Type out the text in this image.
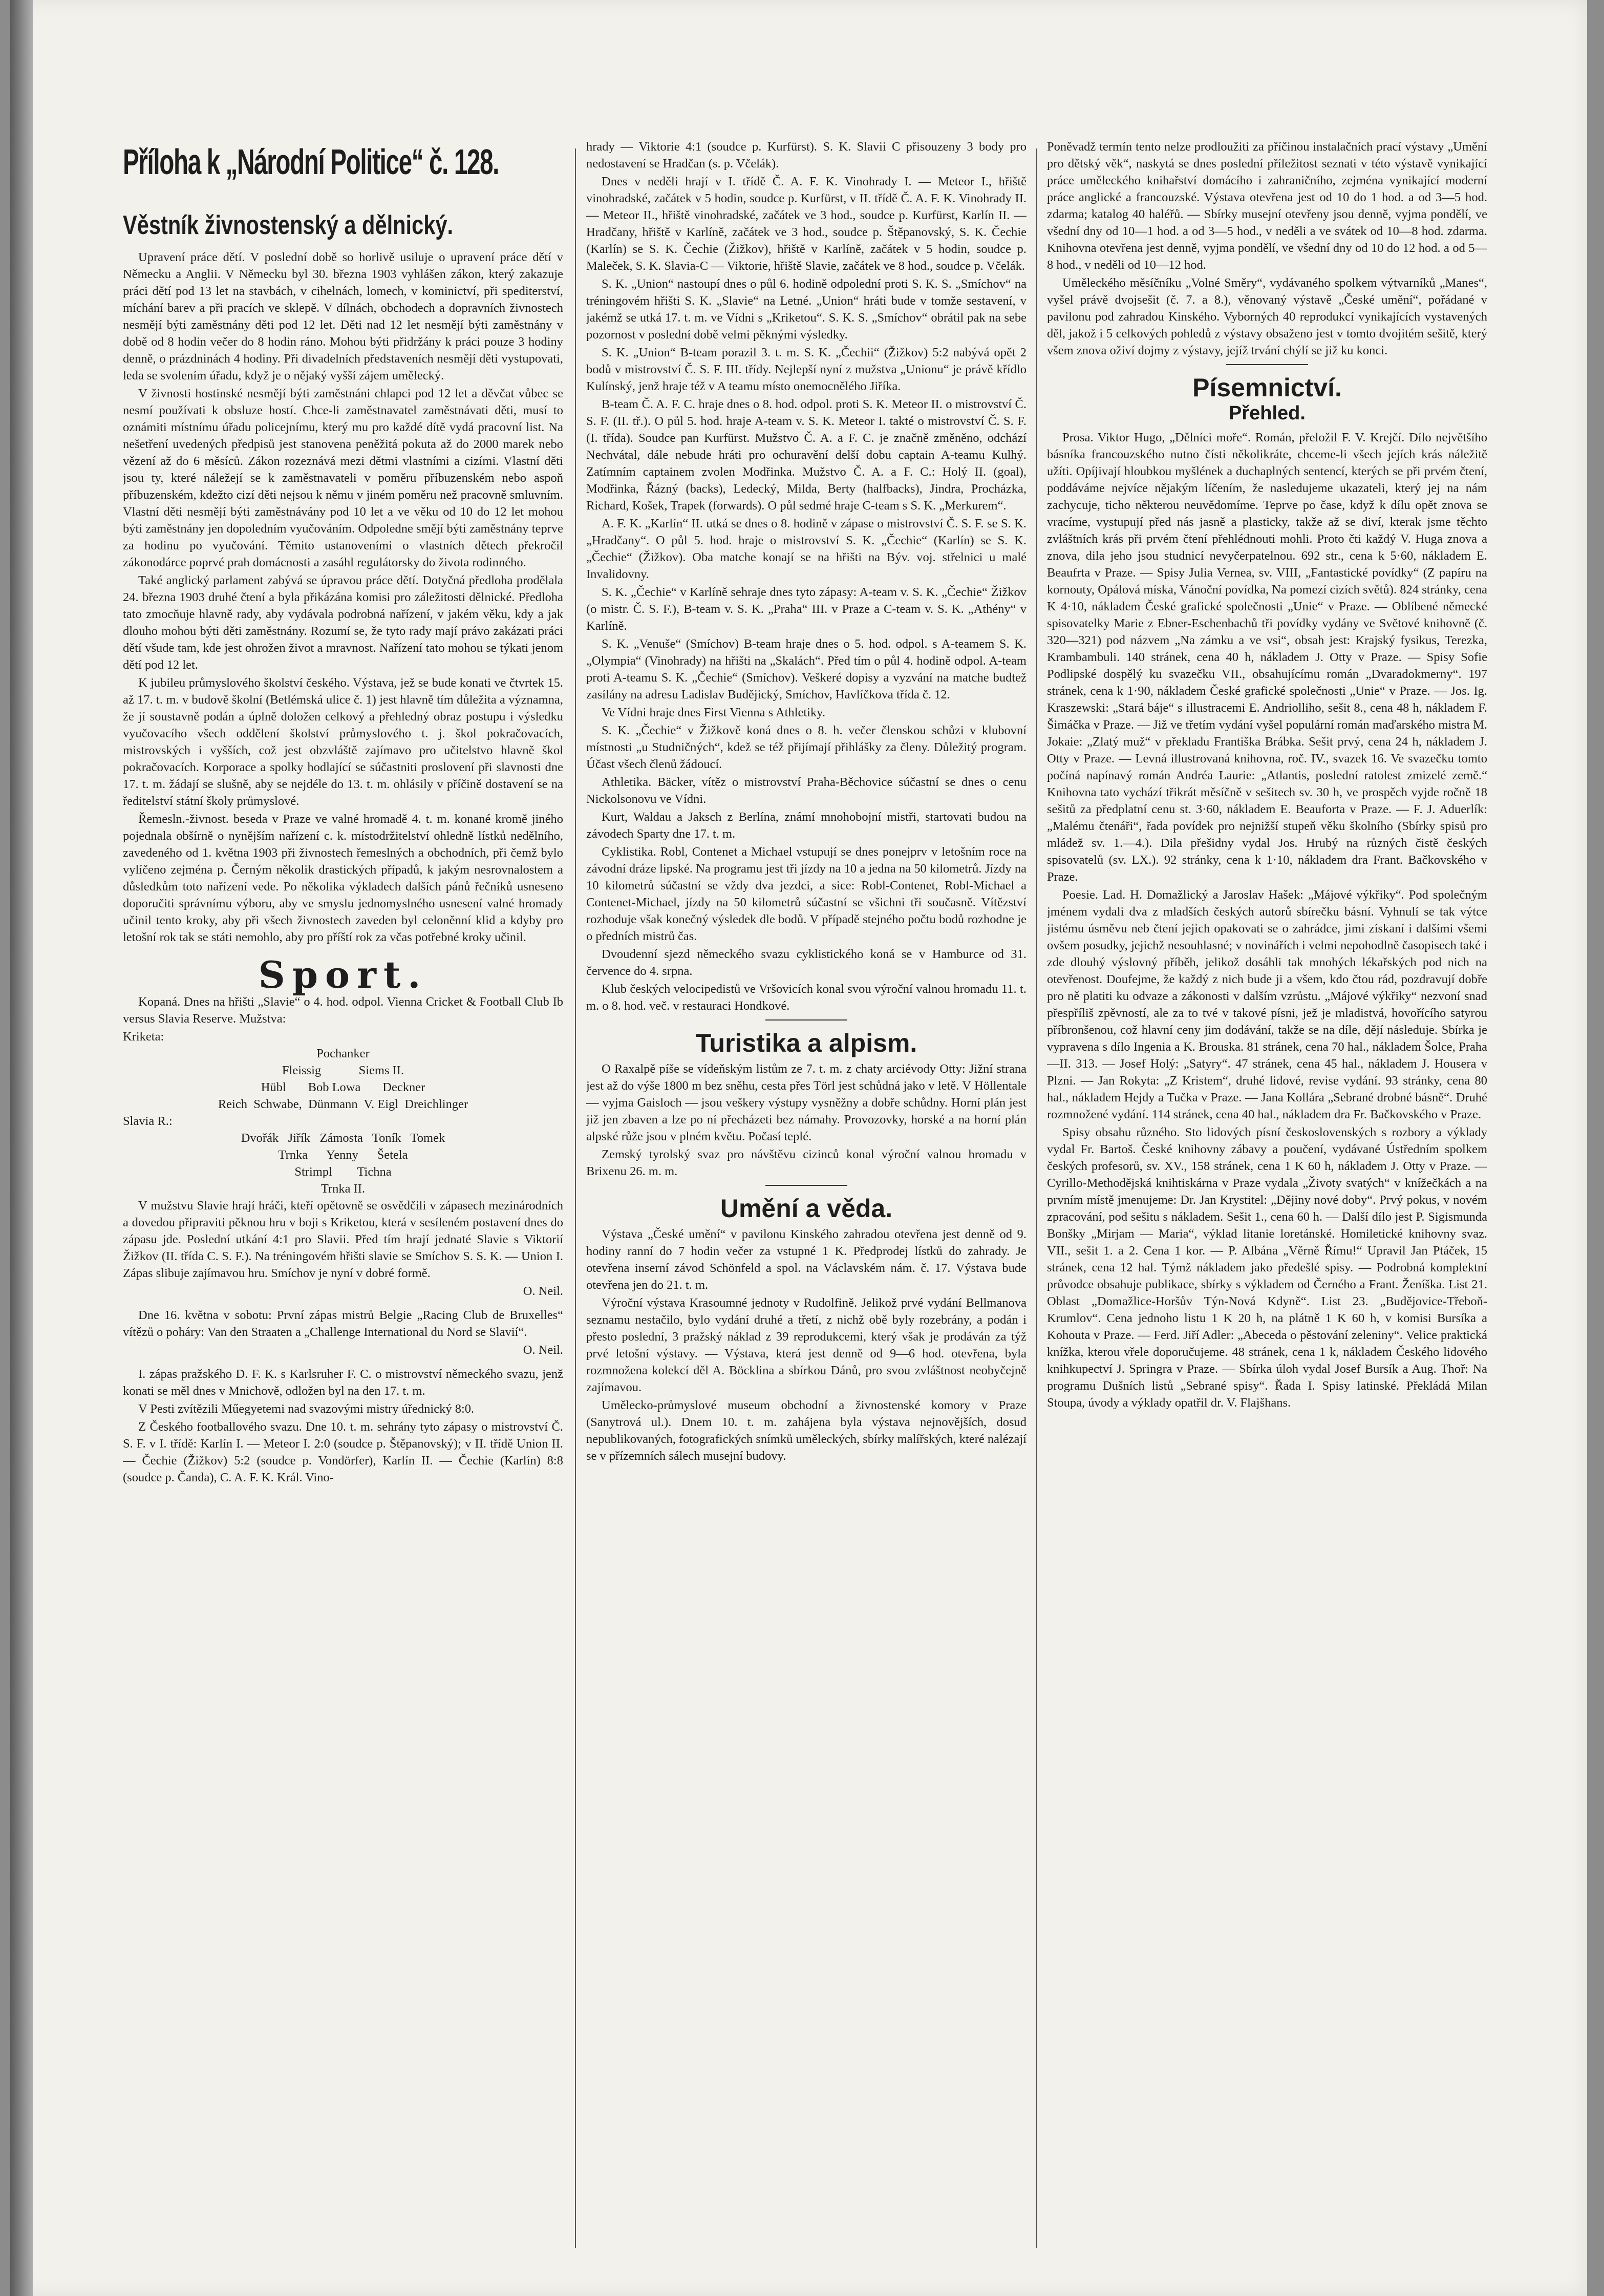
Příloha k „Národní Politice“ č. 128.
Věstník živnostenský a dělnický.

Upravení práce dětí. V poslední době so horlivě usiluje o upravení práce dětí v Německu a Anglii. V Německu byl 30. března 1903 vyhlášen zákon, který zakazuje práci dětí pod 13 let na stavbách, v cihelnách, lomech, v kominictví, při spediterství, míchání barev a při pracích ve sklepě. V dílnách, obchodech a dopravních živnostech nesmějí býti zaměstnány děti pod 12 let. Děti nad 12 let nesmějí býti zaměstnány v době od 8 hodin večer do 8 hodin ráno. Mohou býti přidržány k práci pouze 3 hodiny denně, o prázdninách 4 hodiny. Při divadelních představeních nesmějí děti vystupovati, leda se svolením úřadu, když je o nějaký vyšší zájem umělecký.

V živnosti hostinské nesmějí býti zaměstnáni chlapci pod 12 let a děvčat vůbec se nesmí používati k obsluze hostí. Chce-li zaměstnavatel zaměstnávati děti, musí to oznámiti místnímu úřadu policejnímu, který mu pro každé dítě vydá pracovní list. Na nešetření uvedených předpisů jest stanovena peněžitá pokuta až do 2000 marek nebo vězení až do 6 měsíců. Zákon rozeznává mezi dětmi vlastními a cizími. Vlastní děti jsou ty, které náležejí se k zaměstnavateli v poměru příbuzenském nebo aspoň příbuzenském, kdežto cizí děti nejsou k němu v jiném poměru než pracovně smluvním. Vlastní děti nesmějí býti zaměstnávány pod 10 let a ve věku od 10 do 12 let mohou býti zaměstnány jen dopoledním vyučováním. Odpoledne smějí býti zaměstnány teprve za hodinu po vyučování. Těmito ustanoveními o vlastních dětech překročil zákonodárce poprvé prah domácnosti a zasáhl regulátorsky do života rodinného.

Také anglický parlament zabývá se úpravou práce dětí. Dotyčná předloha prodělala 24. března 1903 druhé čtení a byla přikázána komisi pro záležitosti dělnické. Předloha tato zmocňuje hlavně rady, aby vydávala podrobná nařízení, v jakém věku, kdy a jak dlouho mohou býti děti zaměstnány. Rozumí se, že tyto rady mají právo zakázati práci dětí všude tam, kde jest ohrožen život a mravnost. Nařízení tato mohou se týkati jenom dětí pod 12 let.

K jubileu průmyslového školství českého. Výstava, jež se bude konati ve čtvrtek 15. až 17. t. m. v budově školní (Betlémská ulice č. 1) jest hlavně tím důležita a významna, že jí soustavně podán a úplně doložen celkový a přehledný obraz postupu i výsledku vyučovacího všech oddělení školství průmyslového t. j. škol pokračovacích, mistrovských i vyšších, což jest obzvláště zajímavo pro učitelstvo hlavně škol pokračovacích. Korporace a spolky hodlající se súčastniti proslovení při slavnosti dne 17. t. m. žádají se slušně, aby se nejdéle do 13. t. m. ohlásily v příčině dostavení se na ředitelství státní školy průmyslové.

Řemesln.-živnost. beseda v Praze ve valné hromadě 4. t. m. konané kromě jiného pojednala obšírně o nynějším nařízení c. k. místodržitelství ohledně lístků nedělního, zavedeného od 1. května 1903 při živnostech řemeslných a obchodních, při čemž bylo vylíčeno zejména p. Černým několik drastických případů, k jakým nesrovnalostem a důsledkům toto nařízení vede. Po několika výkladech dalších pánů řečníků usneseno doporučiti správnímu výboru, aby ve smyslu jednomyslného usnesení valné hromady učinil tento kroky, aby při všech živnostech zaveden byl celoněnní klid a kdyby pro letošní rok tak se státi nemohlo, aby pro příští rok za včas potřebné kroky učinil.

Sport.

Kopaná. Dnes na hřišti „Slavie“ o 4. hod. odpol. Vienna Cricket & Football Club Ib versus Slavia Reserve. Mužstva:

Kriketa:

Pochanker
Fleissig            Siems II.
Hübl       Bob Lowa       Deckner
Reich  Schwabe,  Dünmann  V. Eigl  Dreichlinger

Slavia R.:

Dvořák   Jiřík   Zámosta   Toník   Tomek
Trnka      Yenny      Šetela
Strimpl        Tichna
Trnka II.

V mužstvu Slavie hrají hráči, kteří opětovně se osvědčili v zápasech mezinárodních a dovedou připraviti pěknou hru v boji s Kriketou, která v sesíleném postavení dnes do zápasu jde. Poslední utkání 4:1 pro Slavii. Před tím hrají jednaté Slavie s Viktorií Žižkov (II. třída C. S. F.). Na tréningovém hřišti slavie se Smíchov S. S. K. — Union I. Zápas slibuje zajímavou hru. Smíchov je nyní v dobré formě.

O. Neil.

Dne 16. května v sobotu: První zápas mistrů Belgie „Racing Club de Bruxelles“ vítězů o poháry: Van den Straaten a „Challenge International du Nord se Slavií“.

O. Neil.

I. zápas pražského D. F. K. s Karlsruher F. C. o mistrovství německého svazu, jenž konati se měl dnes v Mnichově, odložen byl na den 17. t. m.

V Pesti zvítězili Műegyetemi nad svazovými mistry úřednický 8:0.

Z Českého footballového svazu. Dne 10. t. m. sehrány tyto zápasy o mistrovství Č. S. F. v I. třídě: Karlín I. — Meteor I. 2:0 (soudce p. Štěpanovský); v II. třídě Union II. — Čechie (Žižkov) 5:2 (soudce p. Vondörfer), Karlín II. — Čechie (Karlín) 8:8 (soudce p. Čanda), C. A. F. K. Král. Vino-

hrady — Viktorie 4:1 (soudce p. Kurfürst). S. K. Slavii C přisouzeny 3 body pro nedostavení se Hradčan (s. p. Včelák).

Dnes v neděli hrají v I. třídě Č. A. F. K. Vinohrady I. — Meteor I., hřiště vinohradské, začátek v 5 hodin, soudce p. Kurfürst, v II. třídě Č. A. F. K. Vinohrady II. — Meteor II., hřiště vinohradské, začátek ve 3 hod., soudce p. Kurfürst, Karlín II. — Hradčany, hřiště v Karlíně, začátek ve 3 hod., soudce p. Štěpanovský, S. K. Čechie (Karlín) se S. K. Čechie (Žižkov), hřiště v Karlíně, začátek v 5 hodin, soudce p. Maleček, S. K. Slavia-C — Viktorie, hřiště Slavie, začátek ve 8 hod., soudce p. Včelák.

S. K. „Union“ nastoupí dnes o půl 6. hodině odpolední proti S. K. S. „Smíchov“ na tréningovém hřišti S. K. „Slavie“ na Letné. „Union“ hráti bude v tomže sestavení, v jakémž se utká 17. t. m. ve Vídni s „Kriketou“. S. K. S. „Smíchov“ obrátil pak na sebe pozornost v poslední době velmi pěknými výsledky.

S. K. „Union“ B-team porazil 3. t. m. S. K. „Čechii“ (Žižkov) 5:2 nabývá opět 2 bodů v mistrovství Č. S. F. III. třídy. Nejlepší nyní z mužstva „Unionu“ je právě křídlo Kulínský, jenž hraje též v A teamu místo onemocnělého Jiříka.

B-team Č. A. F. C. hraje dnes o 8. hod. odpol. proti S. K. Meteor II. o mistrovství Č. S. F. (II. tř.). O půl 5. hod. hraje A-team v. S. K. Meteor I. takté o mistrovství Č. S. F. (I. třída). Soudce pan Kurfürst. Mužstvo Č. A. a F. C. je značně změněno, odchází Nechvátal, dále nebude hráti pro ochuravění delší dobu captain A-teamu Kulhý. Zatímním captainem zvolen Modřinka. Mužstvo Č. A. a F. C.: Holý II. (goal), Modřinka, Řázný (backs), Ledecký, Milda, Berty (halfbacks), Jindra, Procházka, Richard, Košek, Trapek (forwards). O půl sedmé hraje C-team s S. K. „Merkurem“.

A. F. K. „Karlín“ II. utká se dnes o 8. hodině v zápase o mistrovství Č. S. F. se S. K. „Hradčany“. O půl 5. hod. hraje o mistrovství S. K. „Čechie“ (Karlín) se S. K. „Čechie“ (Žižkov). Oba matche konají se na hřišti na Býv. voj. střelnici u malé Invalidovny.

S. K. „Čechie“ v Karlíně sehraje dnes tyto zápasy: A-team v. S. K. „Čechie“ Žižkov (o mistr. Č. S. F.), B-team v. S. K. „Praha“ III. v Praze a C-team v. S. K. „Athény“ v Karlíně.

S. K. „Venuše“ (Smíchov) B-team hraje dnes o 5. hod. odpol. s A-teamem S. K. „Olympia“ (Vinohrady) na hřišti na „Skalách“. Před tím o půl 4. hodině odpol. A-team proti A-teamu S. K. „Čechie“ (Smíchov). Veškeré dopisy a vyzvání na matche budtež zasílány na adresu Ladislav Budějický, Smíchov, Havlíčkova třída č. 12.

Ve Vídni hraje dnes First Vienna s Athletiky.

S. K. „Čechie“ v Žižkově koná dnes o 8. h. večer členskou schůzi v klubovní místnosti „u Studničných“, kdež se též přijímají přihlášky za členy. Důležitý program. Účast všech členů žádoucí.

Athletika. Bäcker, vítěz o mistrovství Praha-Běchovice súčastní se dnes o cenu Nickolsonovu ve Vídni.

Kurt, Waldau a Jaksch z Berlína, známí mnohobojní mistři, startovati budou na závodech Sparty dne 17. t. m.

Cyklistika. Robl, Contenet a Michael vstupují se dnes ponejprv v letošním roce na závodní dráze lipské. Na programu jest tři jízdy na 10 a jedna na 50 kilometrů. Jízdy na 10 kilometrů súčastní se vždy dva jezdci, a sice: Robl-Contenet, Robl-Michael a Contenet-Michael, jízdy na 50 kilometrů súčastní se všichni tři současně. Vítězství rozhoduje však konečný výsledek dle bodů. V případě stejného počtu bodů rozhodne je o předních mistrů čas.

Dvoudenní sjezd německého svazu cyklistického koná se v Hamburce od 31. července do 4. srpna.

Klub českých velocipedistů ve Vršovicích konal svou výroční valnou hromadu 11. t. m. o 8. hod. več. v restauraci Hondkové.

Turistika a alpism.

O Raxalpě píše se vídeňským listům ze 7. t. m. z chaty arciévody Otty: Jižní strana jest až do výše 1800 m bez sněhu, cesta přes Törl jest schůdná jako v letě. V Höllentale — vyjma Gaisloch — jsou veškery výstupy vysněžny a dobře schůdny. Horní plán jest již jen zbaven a lze po ní přecházeti bez námahy. Provozovky, horské a na horní plán alpské růže jsou v plném květu. Počasí teplé.

Zemský tyrolský svaz pro návštěvu cizinců konal výroční valnou hromadu v Brixenu 26. m. m.

Umění a věda.

Výstava „České umění“ v pavilonu Kinského zahradou otevřena jest denně od 9. hodiny ranní do 7 hodin večer za vstupné 1 K. Předprodej lístků do zahrady. Je otevřena inserní závod Schönfeld a spol. na Václavském nám. č. 17. Výstava bude otevřena jen do 21. t. m.

Výroční výstava Krasoumné jednoty v Rudolfině. Jelikož prvé vydání Bellmanova seznamu nestačilo, bylo vydání druhé a třetí, z nichž obě byly rozebrány, a podán i přesto poslední, 3 pražský náklad z 39 reprodukcemi, který však je prodáván za týž prvé letošní výstavy. — Výstava, která jest denně od 9—6 hod. otevřena, byla rozmnožena kolekcí děl A. Böcklina a sbírkou Dánů, pro svou zvláštnost neobyčejně zajímavou.

Umělecko-průmyslové museum obchodní a živnostenské komory v Praze (Sanytrová ul.). Dnem 10. t. m. zahájena byla výstava nejnovějších, dosud nepublikovaných, fotografických snímků uměleckých, sbírky malířských, které nalézají se v přízemních sálech musejní budovy.

Poněvadž termín tento nelze prodloužiti za příčinou instalačních prací výstavy „Umění pro dětský věk“, naskytá se dnes poslední příležitost seznati v této výstavě vynikající práce uměleckého knihařství domácího i zahraničního, zejména vynikající moderní práce anglické a francouzské. Výstava otevřena jest od 10 do 1 hod. a od 3—5 hod. zdarma; katalog 40 haléřů. — Sbírky musejní otevřeny jsou denně, vyjma pondělí, ve všední dny od 10—1 hod. a od 3—5 hod., v neděli a ve svátek od 10—8 hod. zdarma. Knihovna otevřena jest denně, vyjma pondělí, ve všední dny od 10 do 12 hod. a od 5—8 hod., v neděli od 10—12 hod.

Uměleckého měsíčníku „Volné Směry“, vydávaného spolkem výtvarníků „Manes“, vyšel právě dvojsešit (č. 7. a 8.), věnovaný výstavě „České umění“, pořádané v pavilonu pod zahradou Kinského. Vyborných 40 reprodukcí vynikajících vystavených děl, jakož i 5 celkových pohledů z výstavy obsaženo jest v tomto dvojitém sešitě, který všem znova oživí dojmy z výstavy, jejíž trvání chýlí se již ku konci.

Písemnictví.
Přehled.

Prosa. Viktor Hugo, „Dělníci moře“. Román, přeložil F. V. Krejčí. Dílo největšího básníka francouzského nutno čísti několikráte, chceme-li všech jejích krás náležitě užíti. Opíjivají hloubkou myšlének a duchaplných sentencí, kterých se při prvém čtení, poddáváme nejvíce nějakým líčením, že nasledujeme ukazateli, který jej na nám zachycuje, ticho některou neuvědomíme. Teprve po čase, když k dílu opět znova se vracíme, vystupují před nás jasně a plasticky, takže až se diví, kterak jsme těchto zvláštních krás při prvém čtení přehlédnouti mohli. Proto čti každý V. Huga znova a znova, dila jeho jsou studnicí nevyčerpatelnou. 692 str., cena k 5·60, nákladem E. Beaufrta v Praze. — Spisy Julia Vernea, sv. VIII, „Fantastické povídky“ (Z papíru na kornouty, Opálová míska, Vánoční povídka, Na pomezí cizích světů). 824 stránky, cena K 4·10, nákladem České grafické společnosti „Unie“ v Praze. — Oblíbené německé spisovatelky Marie z Ebner-Eschenbachů tři povídky vydány ve Světové knihovně (č. 320—321) pod názvem „Na zámku a ve vsi“, obsah jest: Krajský fysikus, Terezka, Krambambuli. 140 stránek, cena 40 h, nákladem J. Otty v Praze. — Spisy Sofie Podlipské dospělý ku svazečku VII., obsahujícímu román „Dvaradokmerny“. 197 stránek, cena k 1·90, nákladem České grafické společnosti „Unie“ v Praze. — Jos. Ig. Kraszewski: „Stará báje“ s illustracemi E. Andriolliho, sešit 8., cena 48 h, nákladem F. Šimáčka v Praze. — Již ve třetím vydání vyšel populární román maďarského mistra M. Jokaie: „Zlatý muž“ v překladu Františka Brábka. Sešit prvý, cena 24 h, nákladem J. Otty v Praze. — Levná illustrovaná knihovna, roč. IV., svazek 16. Ve svazečku tomto počíná napínavý román Andréa Laurie: „Atlantis, poslední ratolest zmizelé země.“ Knihovna tato vychází třikrát měsíčně v sešitech sv. 30 h, ve prospěch vyjde ročně 18 sešitů za předplatní cenu st. 3·60, nákladem E. Beauforta v Praze. — F. J. Aduerlík: „Malému čtenáři“, řada povídek pro nejnižší stupeň věku školního (Sbírky spisů pro mládež sv. 1.—4.). Dila přešidny vydal Jos. Hrubý na různých čistě českých spisovatelů (sv. LX.). 92 stránky, cena k 1·10, nákladem dra Frant. Bačkovského v Praze.

Poesie. Lad. H. Domažlický a Jaroslav Hašek: „Májové výkřiky“. Pod společným jménem vydali dva z mladších českých autorů sbírečku básní. Vyhnulí se tak výtce jistému úsměvu neb čtení jejich opakovati se o zahrádce, jimi získaní i dalšími všemi ovšem posudky, jejichž nesouhlasné; v novinářích i velmi nepohodlně časopisech také i zde dlouhý výslovný příběh, jelikož dosáhli tak mnohých lékařských pod nich na otevřenost. Doufejme, že každý z nich bude ji a všem, kdo čtou rád, pozdravují dobře pro ně platiti ku odvaze a zákonosti v dalším vzrůstu. „Májové výkřiky“ nezvoní snad přespříliš zpěvností, ale za to tvé v takové písni, jež je mladistvá, hovořícího satyrou příbronšenou, což hlavní ceny jim dodávání, takže se na díle, dějí následuje. Sbírka je vypravena s dílo Ingenia a K. Brouska. 81 stránek, cena 70 hal., nákladem Šolce, Praha—II. 313. — Josef Holý: „Satyry“. 47 stránek, cena 45 hal., nákladem J. Housera v Plzni. — Jan Rokyta: „Z Kristem“, druhé lidové, revise vydání. 93 stránky, cena 80 hal., nákladem Hejdy a Tučka v Praze. — Jana Kollára „Sebrané drobné básně“. Druhé rozmnožené vydání. 114 stránek, cena 40 hal., nákladem dra Fr. Bačkovského v Praze.

Spisy obsahu různého. Sto lidových písní československých s rozbory a výklady vydal Fr. Bartoš. České knihovny zábavy a poučení, vydávané Ústředním spolkem českých profesorů, sv. XV., 158 stránek, cena 1 K 60 h, nákladem J. Otty v Praze. — Cyrillo-Methodějská knihtiskárna v Praze vydala „Životy svatých“ v knížečkách a na prvním místě jmenujeme: Dr. Jan Krystitel: „Dějiny nové doby“. Prvý pokus, v novém zpracování, pod sešitu s nákladem. Sešit 1., cena 60 h. — Další dílo jest P. Sigismunda Bonšky „Mirjam — Maria“, výklad litanie loretánské. Homiletické knihovny svaz. VII., sešit 1. a 2. Cena 1 kor. — P. Albána „Věrně Římu!“ Upravil Jan Ptáček, 15 stránek, cena 12 hal. Týmž nákladem jako předešlé spisy. — Podrobná komplektní průvodce obsahuje publikace, sbírky s výkladem od Černého a Frant. Ženíška. List 21. Oblast „Domažlice-Horšův Týn-Nová Kdyně“. List 23. „Budějovice-Třeboň-Krumlov“. Cena jednoho listu 1 K 20 h, na plátně 1 K 60 h, v komisi Bursíka a Kohouta v Praze. — Ferd. Jiří Adler: „Abeceda o pěstování zeleniny“. Velice praktická knížka, kterou vřele doporučujeme. 48 stránek, cena 1 k, nákladem Českého lidového knihkupectví J. Springra v Praze. — Sbírka úloh vydal Josef Bursík a Aug. Thoř: Na programu Dušních listů „Sebrané spisy“. Řada I. Spisy latinské. Překládá Milan Stoupa, úvody a výklady opatřil dr. V. Flajšhans.
